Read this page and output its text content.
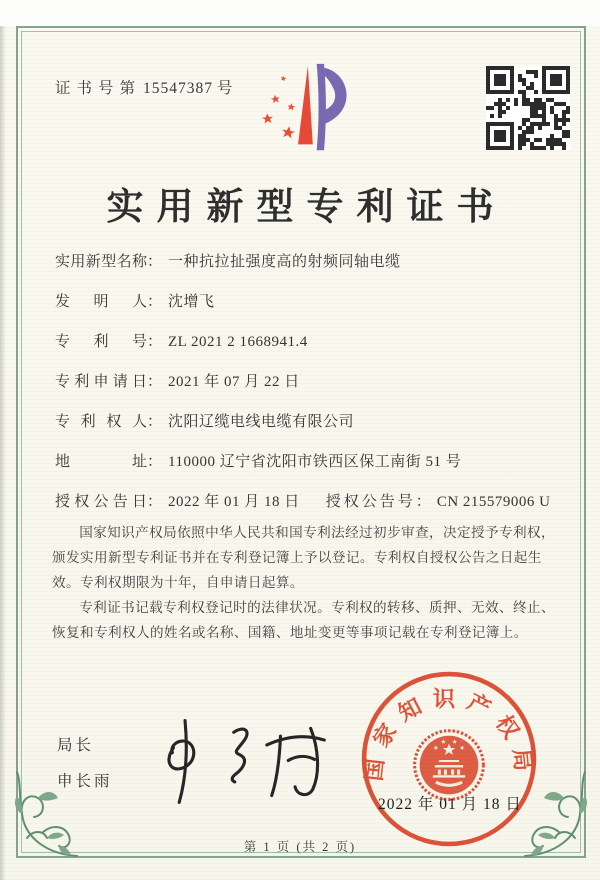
证书号第 15547387 号
实用新型专利证书
实用新型名称 ： 一种抗拉扯强度高的射频同轴电缆
发明人 ： 沈增飞
专利号 ： ZL 2021 2 1668941.4
专利申请日 ： 2021 年 07 月 22 日
专利权人 ： 沈阳辽缆电线电缆有限公司
地址 ： 110000 辽宁省沈阳市铁西区保工南街 51 号
授权公告日 ： 2022 年 01 月 18 日 授权公告号 ： CN 215579006 U

国家知识产权局依照中华人民共和国专利法经过初步审查，决定授予专利权，颁发实用新型专利证书并在专利登记簿上予以登记。专利权自授权公告之日起生效。专利权期限为十年，自申请日起算。

专利证书记载专利权登记时的法律状况。专利权的转移、质押、无效、终止、恢复和专利权人的姓名或名称、国籍、地址变更等事项记载在专利登记簿上。

局长
申长雨	国家知识产权局
2022 年 01 月 18 日
第 1 页 (共 2 页)
